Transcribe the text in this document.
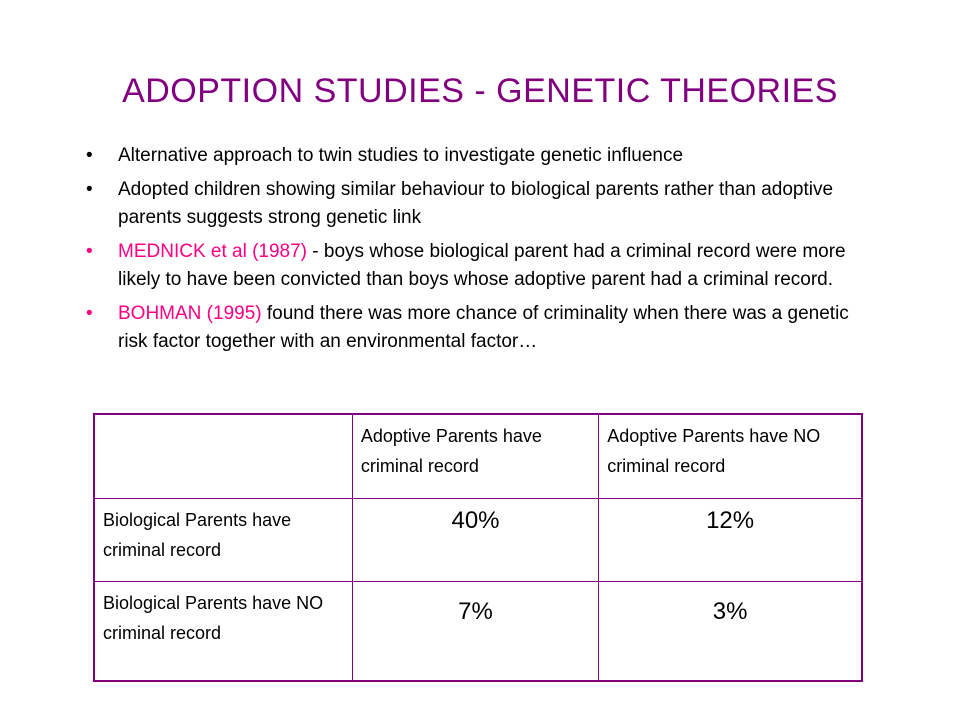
ADOPTION STUDIES - GENETIC THEORIES
•	Alternative approach to twin studies to investigate genetic influence
•	Adopted children showing similar behaviour to biological parents rather than adoptive parents suggests strong genetic link
•	MEDNICK et al (1987) - boys whose biological parent had a criminal record were more likely to have been convicted than boys whose adoptive parent had a criminal record.
•	BOHMAN (1995) found there was more chance of criminality when there was a genetic risk factor together with an environmental factor…
	Adoptive Parents have criminal record	Adoptive Parents have NO criminal record
Biological Parents have criminal record	40%	12%
Biological Parents have NO criminal record	7%	3%
